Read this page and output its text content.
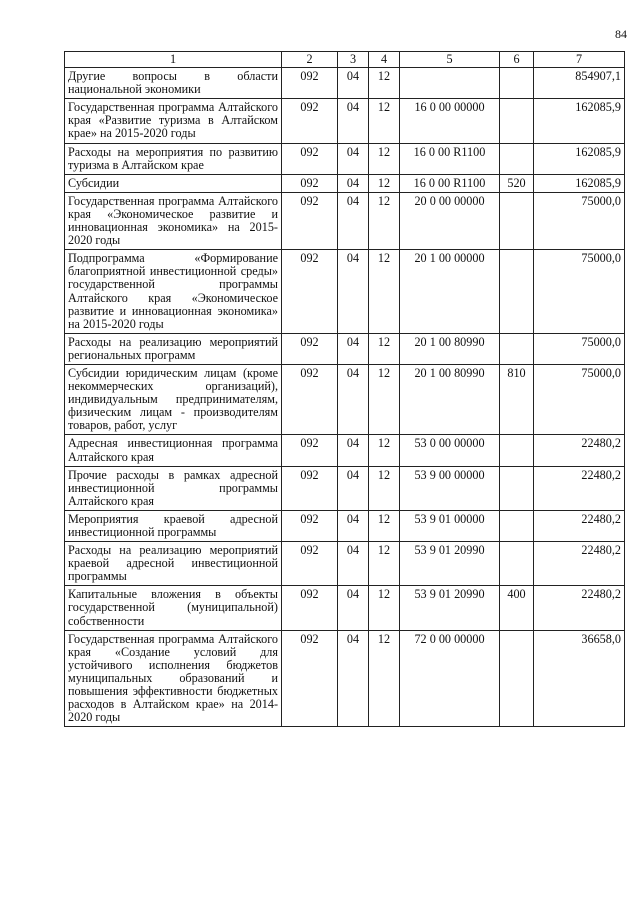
84
1	2	3	4	5	6	7
Другие вопросы в области национальной экономики	092	04	12			854907,1
Государственная программа Алтайского края «Развитие туризма в Алтайском крае» на 2015-2020 годы	092	04	12	16 0 00 00000		162085,9
Расходы на мероприятия по развитию туризма в Алтайском крае	092	04	12	16 0 00 R1100		162085,9
Субсидии	092	04	12	16 0 00 R1100	520	162085,9
Государственная программа Алтайского края «Экономическое развитие и инновационная экономика» на 2015-2020 годы	092	04	12	20 0 00 00000		75000,0
Подпрограмма «Формирование благоприятной инвестиционной среды» государственной программы Алтайского края «Экономическое развитие и инновационная экономика» на 2015-2020 годы	092	04	12	20 1 00 00000		75000,0
Расходы на реализацию мероприятий региональных программ	092	04	12	20 1 00 80990		75000,0
Субсидии юридическим лицам (кроме некоммерческих организаций), индивидуальным предпринимателям, физическим лицам - производителям товаров, работ, услуг	092	04	12	20 1 00 80990	810	75000,0
Адресная инвестиционная программа Алтайского края	092	04	12	53 0 00 00000		22480,2
Прочие расходы в рамках адресной инвестиционной программы Алтайского края	092	04	12	53 9 00 00000		22480,2
Мероприятия краевой адресной инвестиционной программы	092	04	12	53 9 01 00000		22480,2
Расходы на реализацию мероприятий краевой адресной инвестиционной программы	092	04	12	53 9 01 20990		22480,2
Капитальные вложения в объекты государственной (муниципальной) собственности	092	04	12	53 9 01 20990	400	22480,2
Государственная программа Алтайского края «Создание условий для устойчивого исполнения бюджетов муниципальных образований и повышения эффективности бюджетных расходов в Алтайском крае» на 2014-2020 годы	092	04	12	72 0 00 00000		36658,0
